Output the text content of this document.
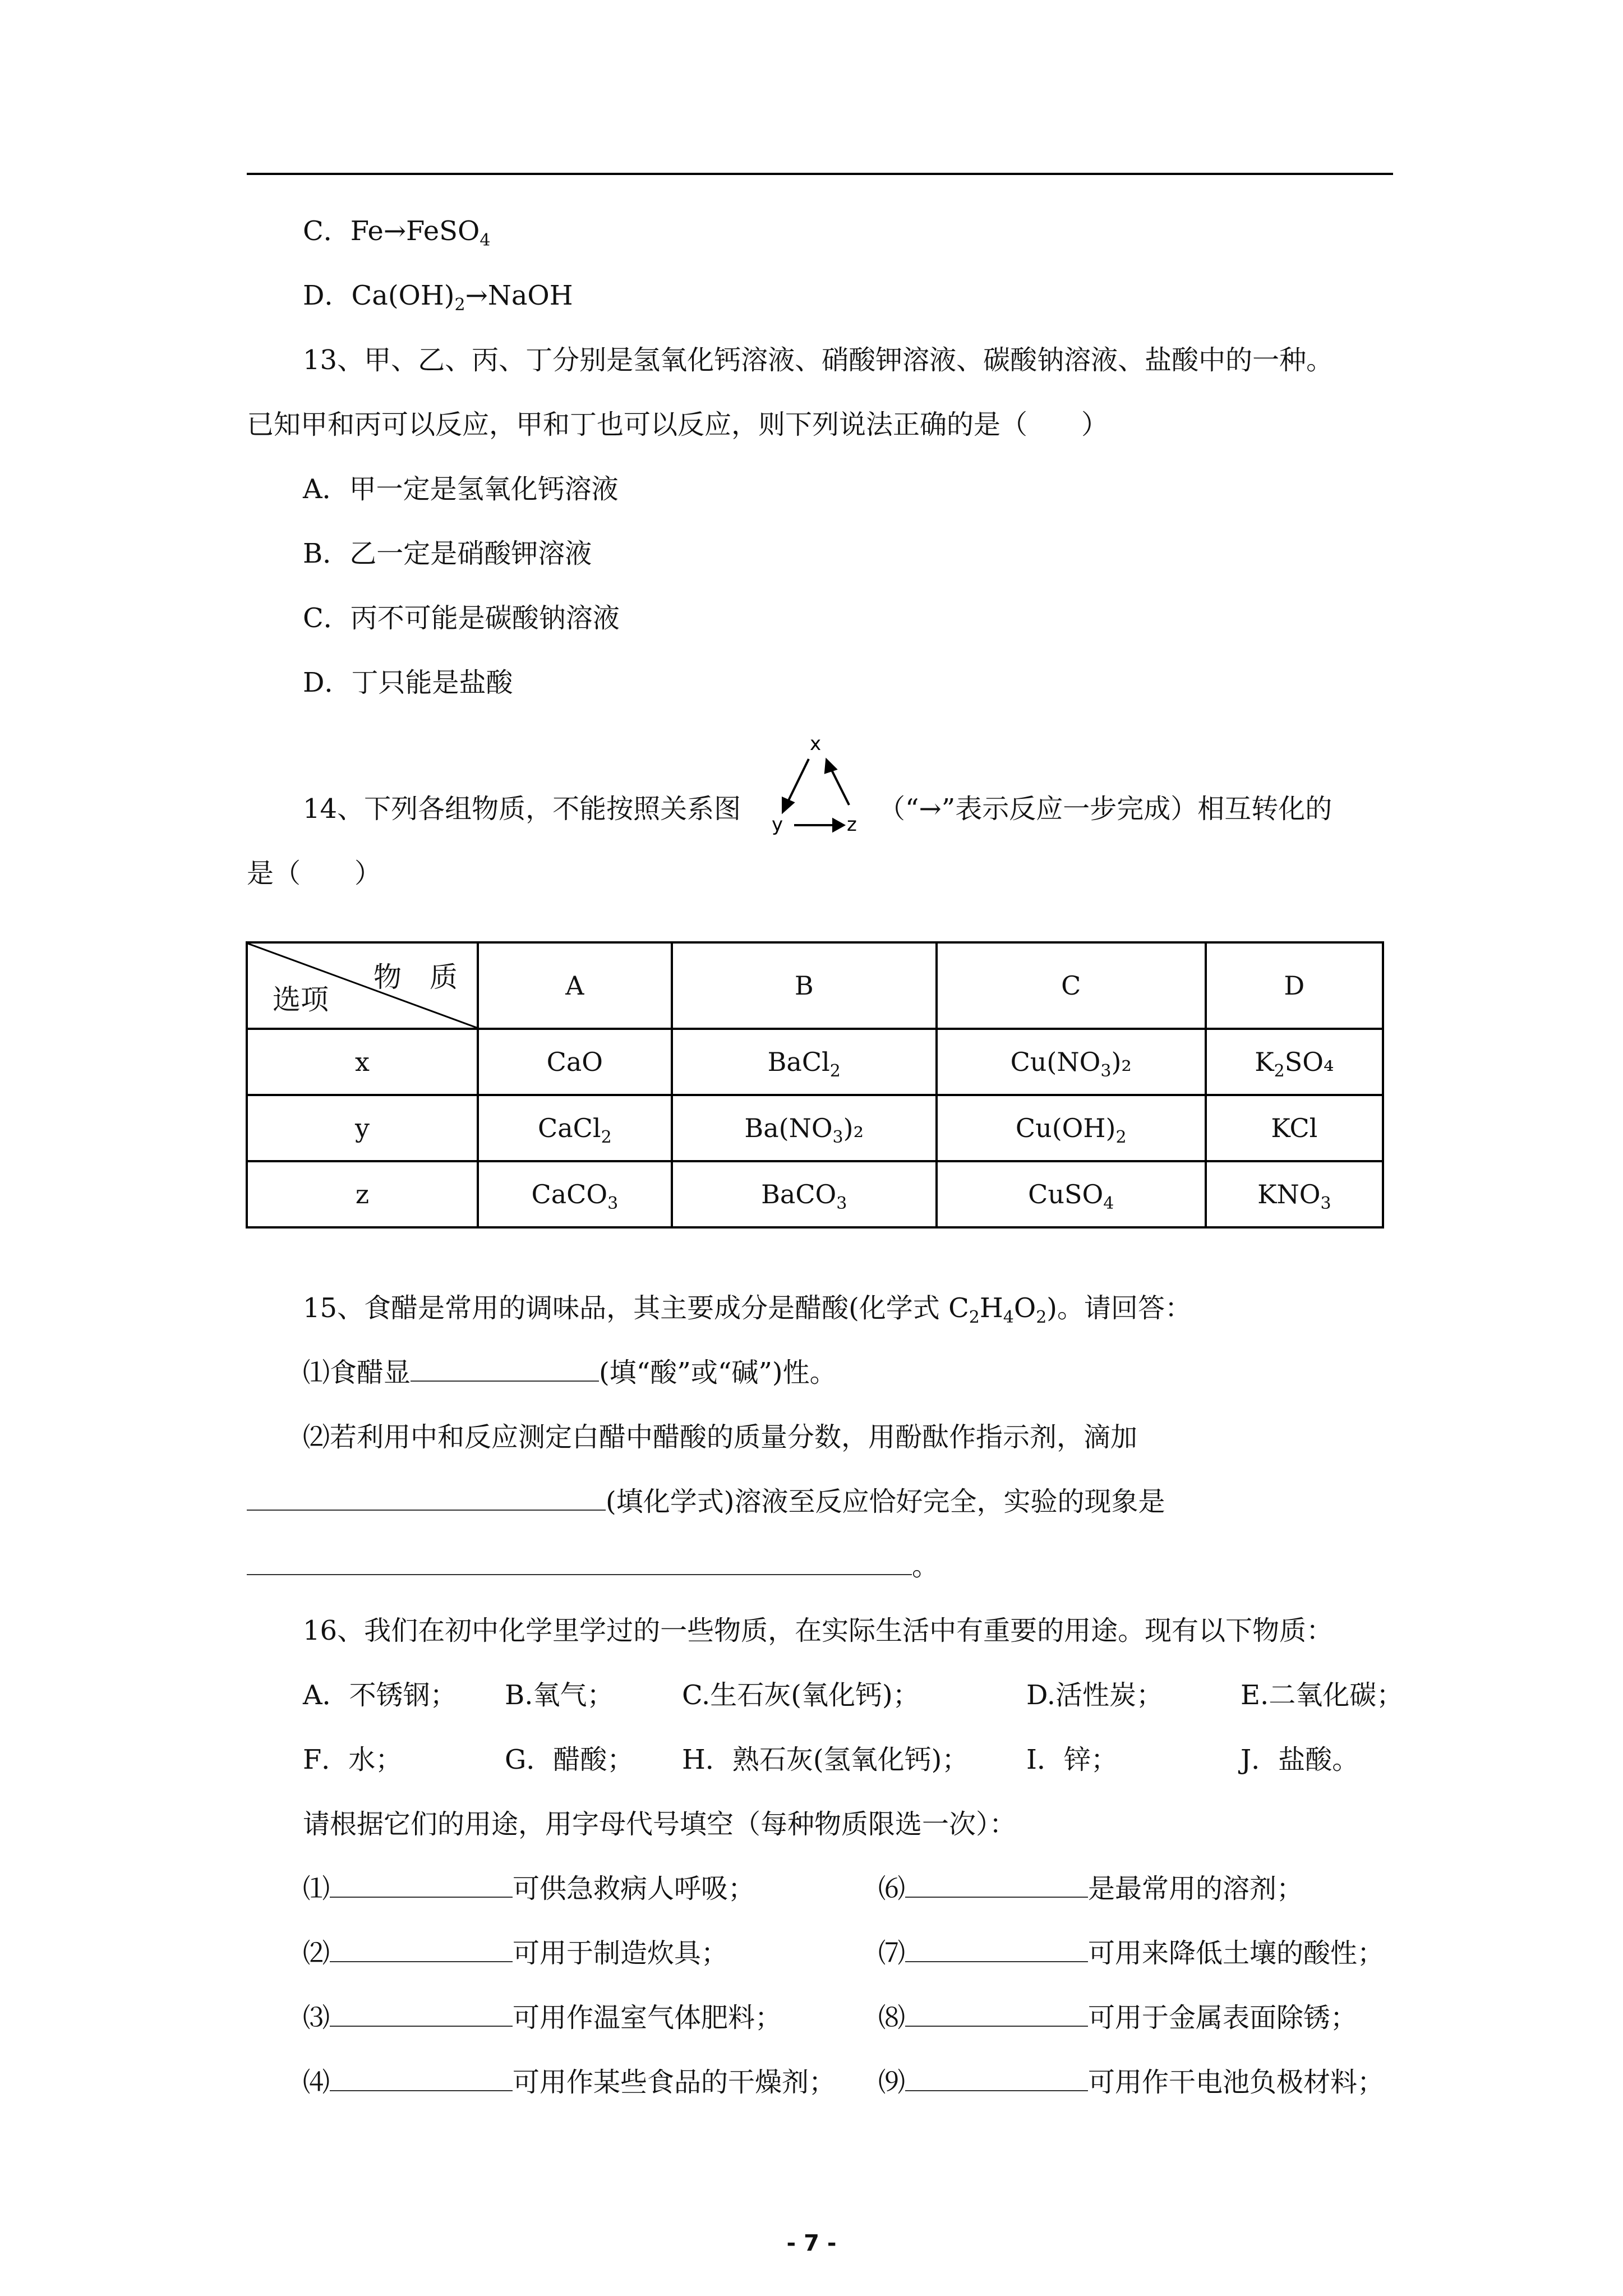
C．Fe→FeSO$_4$
D．$Ca(OH)_2\to NaOH$
13、甲、乙、丙、丁分别是氢氧化钙溶液、硝酸钾溶液、碳酸钠溶液、盐酸中的一种。
已知甲和丙可以反应，甲和丁也可以反应，则下列说法正确的是（　　）
A．甲一定是氢氧化钙溶液
B．乙一定是硝酸钾溶液
C．丙不可能是碳酸钠溶液
D．丁只能是盐酸
14、下列各组物质，不能按照关系图
x
y	z （“→”表示反应一步完成）相互转化的
是（　　）
物　质
选项	A	B	C	D
x	CaO	BaCl$_2$	$Cu(NO_3)_2$	$K_2SO_4$
y	CaCl$_2$	$Ba(NO_3)_2$	$Cu(OH)_2$	KCl
z	CaCO$_3$	BaCO$_3$	CuSO$_4$	$KNO_3$
15、食醋是常用的调味品，其主要成分是醋酸(化学式 $C_2H_4O_2$)。请回答：
⑴食醋显	(填“酸”或“碱”)性。
⑵若利用中和反应测定白醋中醋酸的质量分数，用酚酞作指示剂，滴加
(填化学式)溶液至反应恰好完全，实验的现象是
。
16、我们在初中化学里学过的一些物质，在实际生活中有重要的用途。现有以下物质：
A．不锈钢； B.氧气；	C.生石灰(氧化钙)；	D.活性炭；	E.二氧化碳；
F．水；	G．醋酸； H．熟石灰(氢氧化钙)； I．锌；	J．盐酸。
请根据它们的用途，用字母代号填空（每种物质限选一次）：
⑴	可供急救病人呼吸；
⑵	可用于制造炊具；
⑶	可用作温室气体肥料；
⑷	可用作某些食品的干燥剂；
⑹	是最常用的溶剂；
⑺	可用来降低土壤的酸性；
⑻	可用于金属表面除锈；
⑼	可用作干电池负极材料；
- 7 -
